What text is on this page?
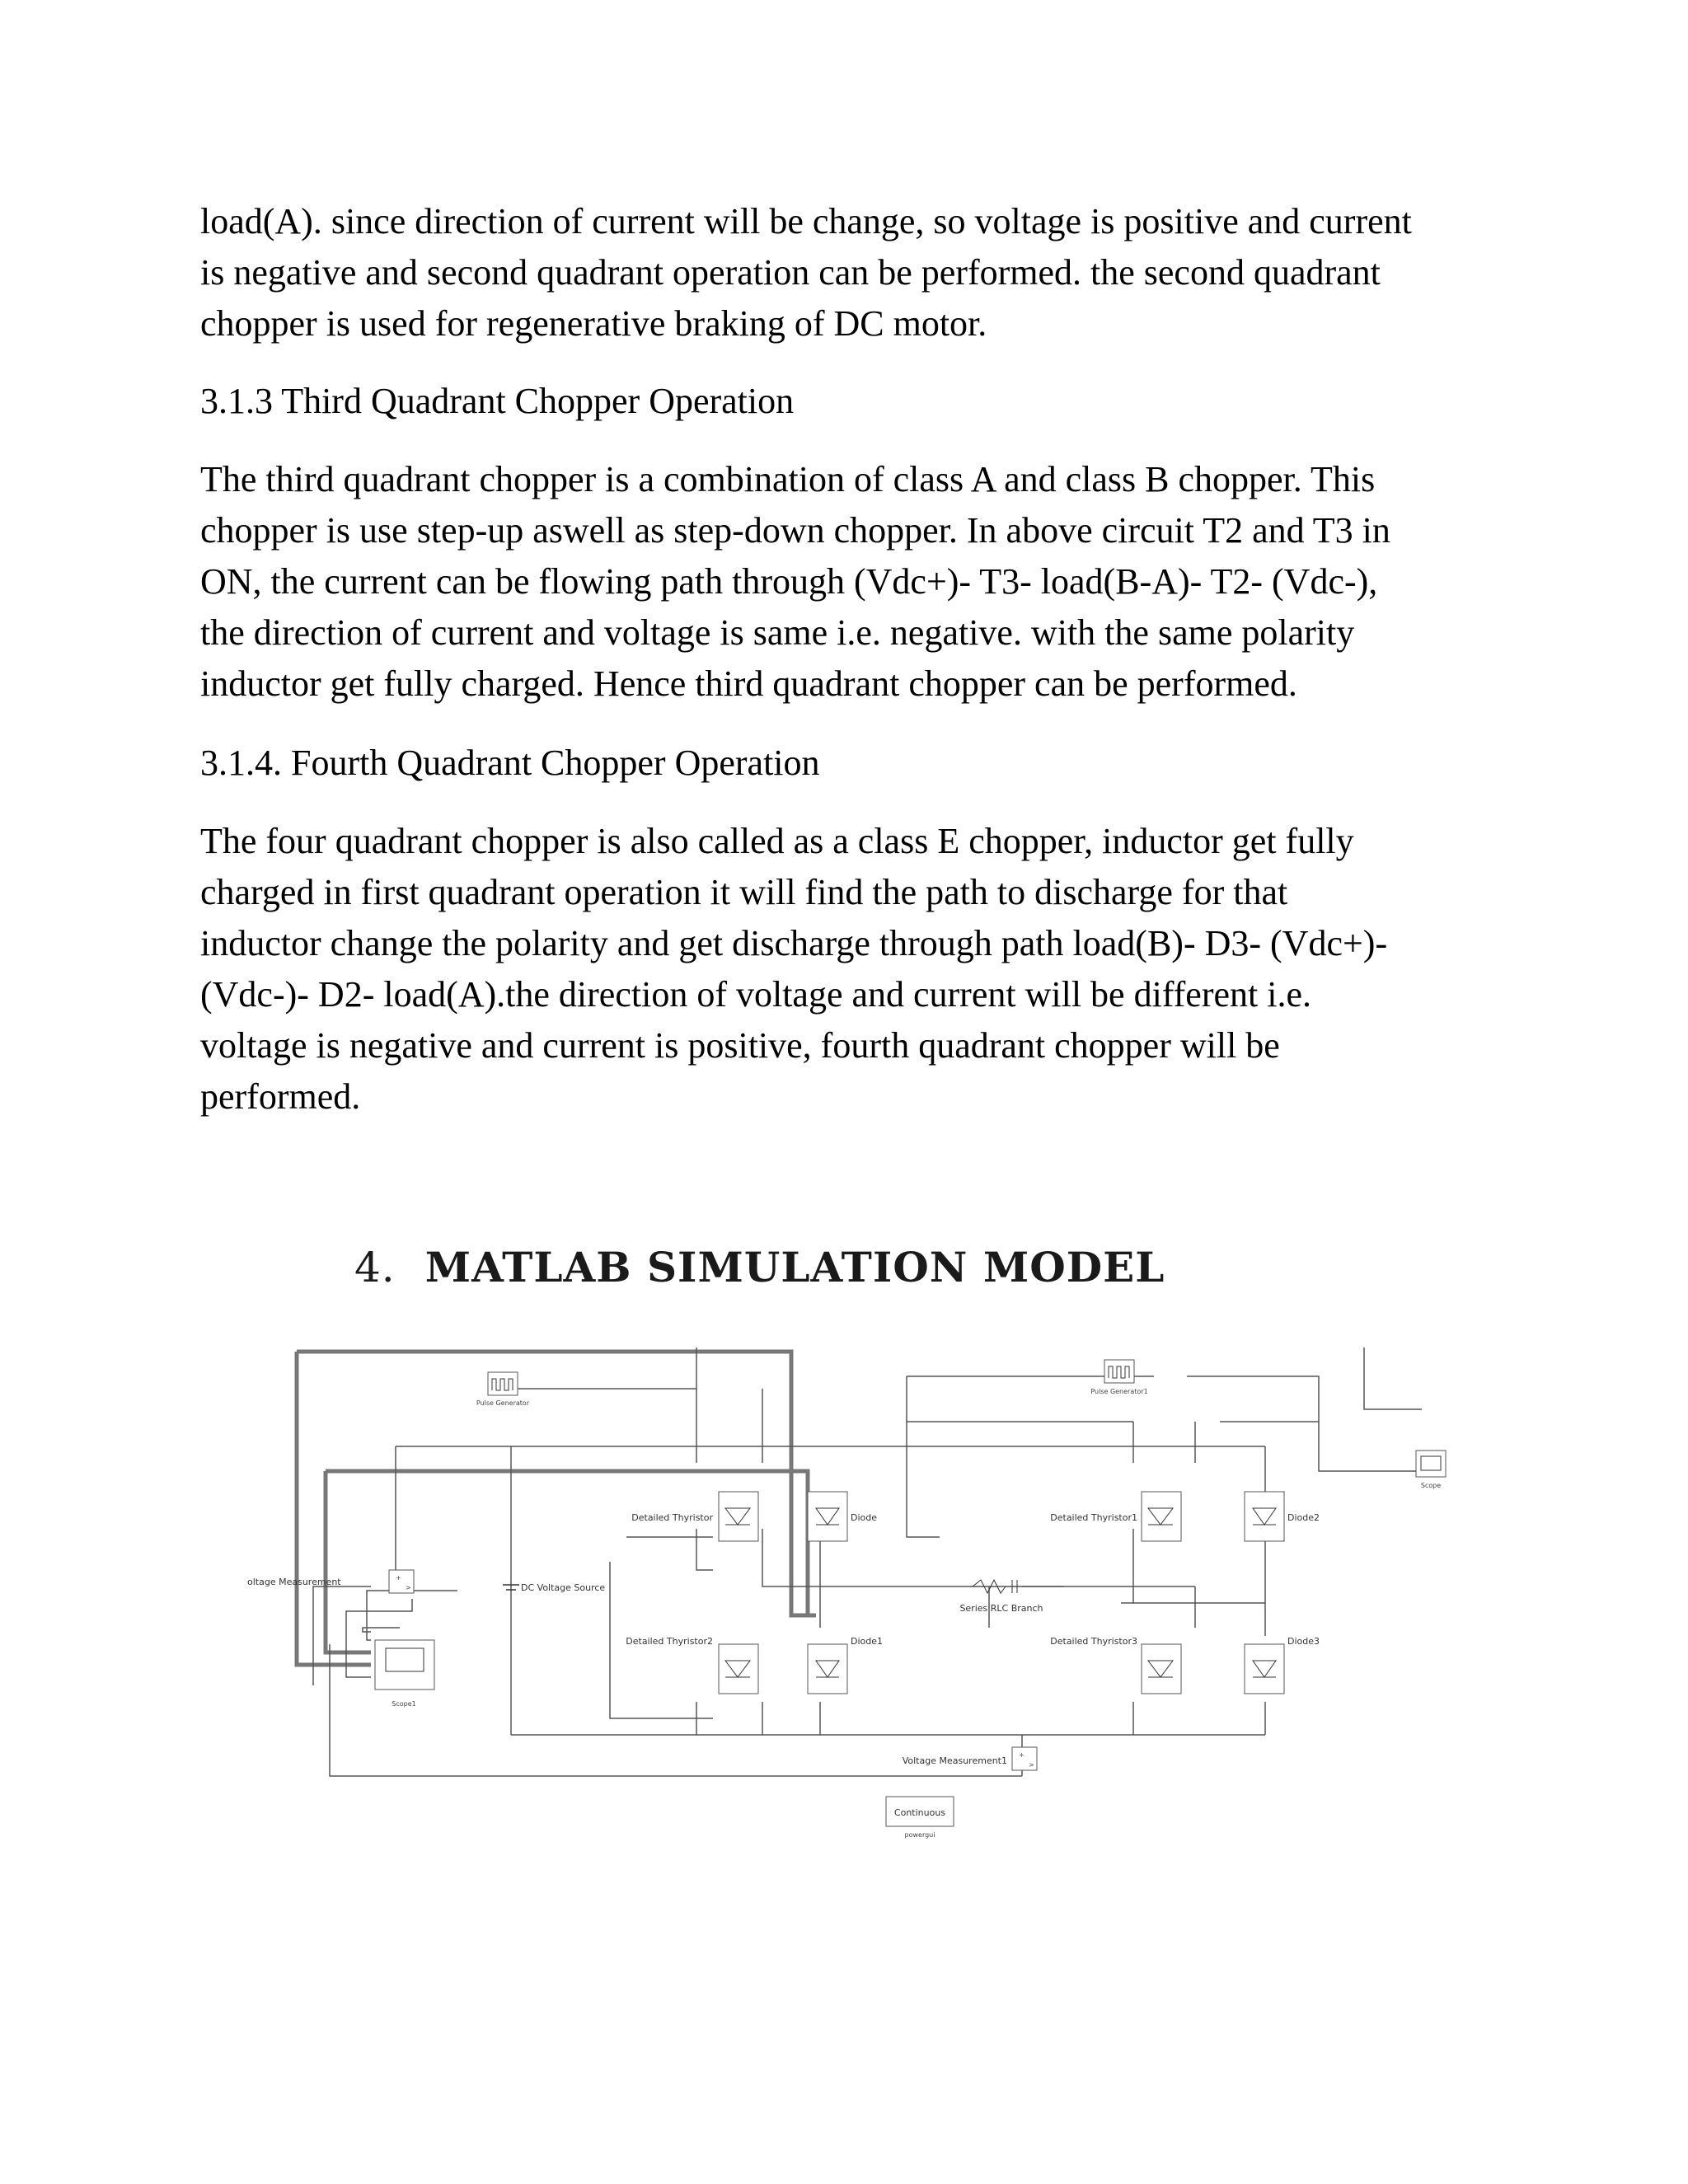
load(A). since direction of current will be change, so voltage is positive and current
is negative and second quadrant operation can be performed. the second quadrant
chopper is used for regenerative braking of DC motor.

3.1.3 Third Quadrant Chopper Operation

The third quadrant chopper is a combination of class A and class B chopper. This
chopper is use step-up aswell as step-down chopper. In above circuit T2 and T3 in
ON, the current can be flowing path through (Vdc+)- T3- load(B-A)- T2- (Vdc-),
the direction of current and voltage is same i.e. negative. with the same polarity
inductor get fully charged. Hence third quadrant chopper can be performed.

3.1.4. Fourth Quadrant Chopper Operation

The four quadrant chopper is also called as a class E chopper, inductor get fully
charged in first quadrant operation it will find the path to discharge for that
inductor change the polarity and get discharge through path load(B)- D3- (Vdc+)-
(Vdc-)- D2- load(A).the direction of voltage and current will be different i.e.
voltage is negative and current is positive, fourth quadrant chopper will be
performed.

4. MATLAB SIMULATION MODEL
Pulse Generator
Pulse Generator1
Scope
Scope1
Detailed Thyristor	Detailed Thyristor1
Detailed Thyristor2	Detailed Thyristor3
Diode
Diode1
Diode2
Diode3
+
>
oltage Measurement
+
>
Voltage Measurement1
DC Voltage Source
Series RLC Branch
Continuous
powergui
